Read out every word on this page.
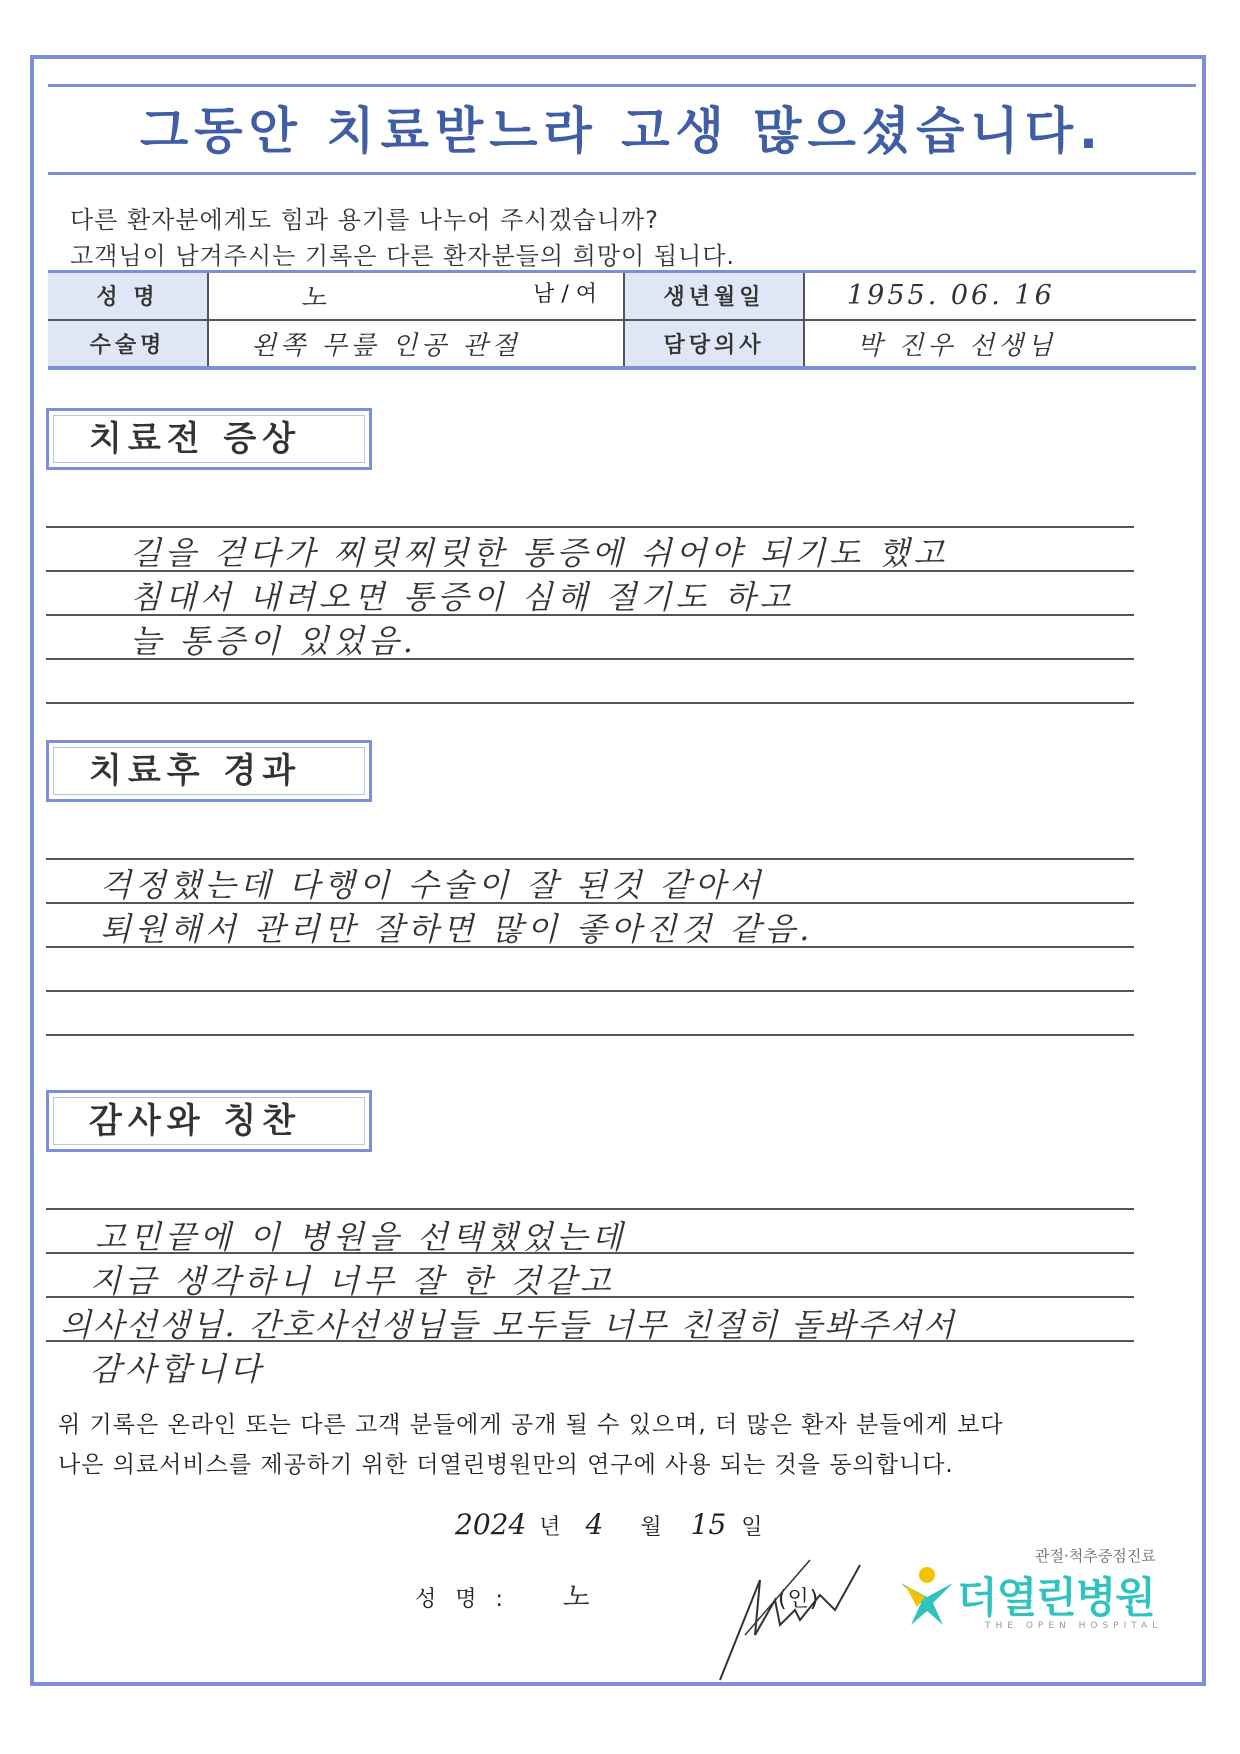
그동안 치료받느라 고생 많으셨습니다.
다른 환자분에게도 힘과 용기를 나누어 주시겠습니까?
고객님이 남겨주시는 기록은 다른 환자분들의 희망이 됩니다.
성 명	노 남 / 여	생년월일	1955. 06. 16
수술명	왼쪽 무릎 인공 관절	담당의사	박 진우 선생님
치료전 증상
길을 걷다가 찌릿찌릿한 통증에 쉬어야 되기도 했고
침대서 내려오면 통증이 심해 절기도 하고
늘 통증이 있었음.
치료후 경과
걱정했는데 다행이 수술이 잘 된것 같아서
퇴원해서 관리만 잘하면 많이 좋아진것 같음.
감사와 칭찬
고민끝에 이 병원을 선택했었는데
지금 생각하니 너무 잘 한 것같고
의사선생님. 간호사선생님들 모두들 너무 친절히 돌봐주셔서
감사합니다
위 기록은 온라인 또는 다른 고객 분들에게 공개 될 수 있으며, 더 많은 환자 분들에게 보다
나은 의료서비스를 제공하기 위한 더열린병원만의 연구에 사용 되는 것을 동의합니다.
2024 년 4 월 15 일
성 명 : 노	(인)
관절·척추중점진료
더열린병원
THE OPEN HOSPITAL
